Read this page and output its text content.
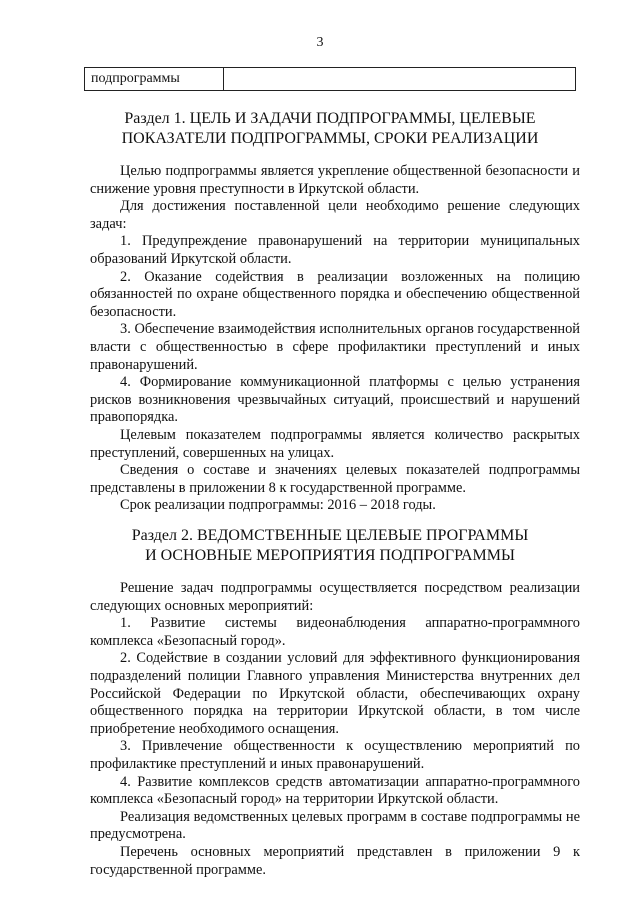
3
подпрограммы	
Раздел 1. ЦЕЛЬ И ЗАДАЧИ ПОДПРОГРАММЫ, ЦЕЛЕВЫЕ
ПОКАЗАТЕЛИ ПОДПРОГРАММЫ, СРОКИ РЕАЛИЗАЦИИ

Целью подпрограммы является укрепление общественной безопасности и снижение уровня преступности в Иркутской области.

Для достижения поставленной цели необходимо решение следующих задач:

1. Предупреждение правонарушений на территории муниципальных образований Иркутской области.

2. Оказание содействия в реализации возложенных на полицию обязанностей по охране общественного порядка и обеспечению общественной безопасности.

3. Обеспечение взаимодействия исполнительных органов государственной власти с общественностью в сфере профилактики преступлений и иных правонарушений.

4. Формирование коммуникационной платформы с целью устранения рисков возникновения чрезвычайных ситуаций, происшествий и нарушений правопорядка.

Целевым показателем подпрограммы является количество раскрытых преступлений, совершенных на улицах.

Сведения о составе и значениях целевых показателей подпрограммы представлены в приложении 8 к государственной программе.

Срок реализации подпрограммы: 2016 – 2018 годы.

Раздел 2. ВЕДОМСТВЕННЫЕ ЦЕЛЕВЫЕ ПРОГРАММЫ
И ОСНОВНЫЕ МЕРОПРИЯТИЯ ПОДПРОГРАММЫ

Решение задач подпрограммы осуществляется посредством реализации следующих основных мероприятий:

1. Развитие системы видеонаблюдения аппаратно-программного комплекса «Безопасный город».

2. Содействие в создании условий для эффективного функционирования подразделений полиции Главного управления Министерства внутренних дел Российской Федерации по Иркутской области, обеспечивающих охрану общественного порядка на территории Иркутской области, в том числе приобретение необходимого оснащения.

3. Привлечение общественности к осуществлению мероприятий по профилактике преступлений и иных правонарушений.

4. Развитие комплексов средств автоматизации аппаратно-программного комплекса «Безопасный город» на территории Иркутской области.

Реализация ведомственных целевых программ в составе подпрограммы не предусмотрена.

Перечень основных мероприятий представлен в приложении 9 к государственной программе.
